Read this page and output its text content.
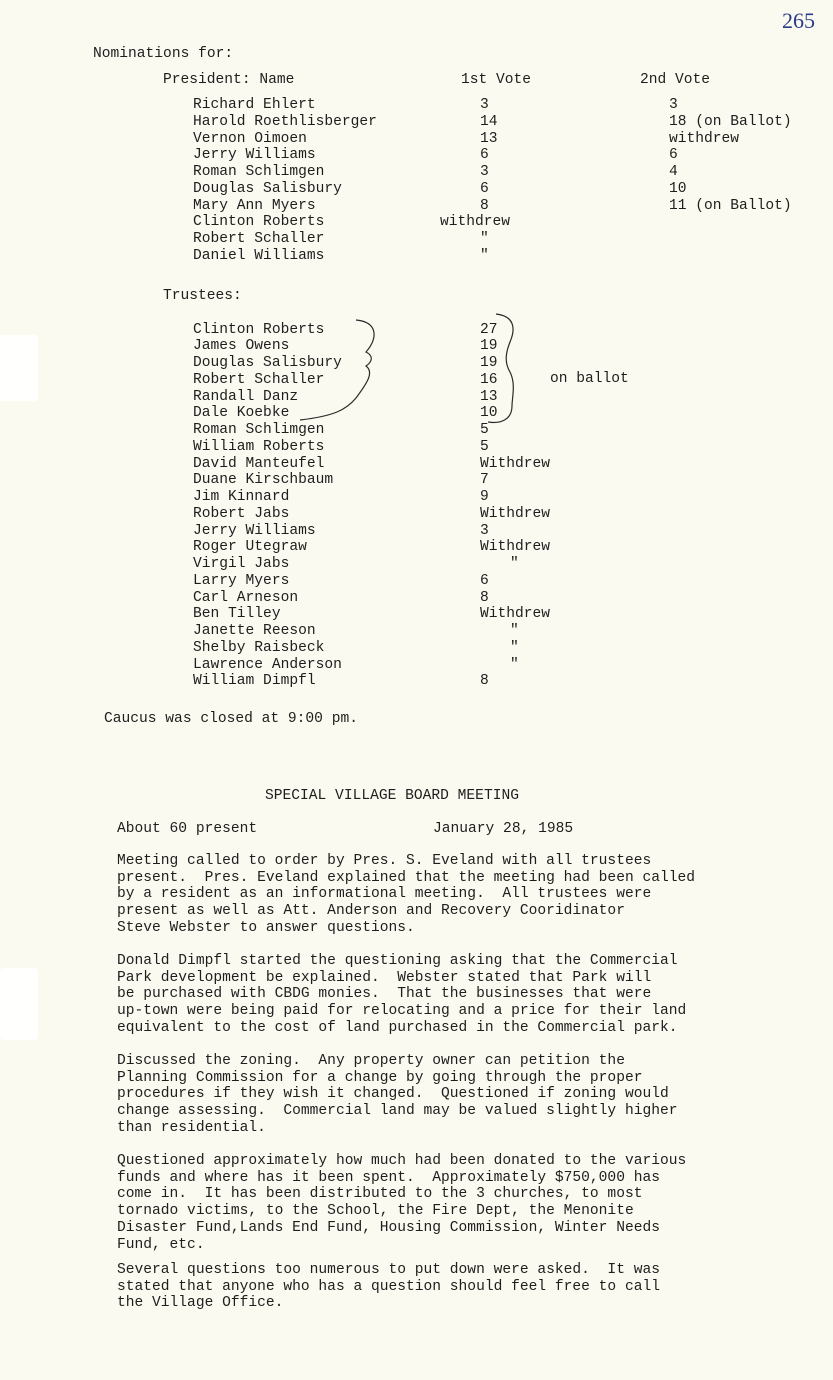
265
Nominations for:
President: Name	1st Vote	2nd Vote
Richard Ehlert	3	3
Harold Roethlisberger	14	18 (on Ballot)
Vernon Oimoen	13	withdrew
Jerry Williams	6	6
Roman Schlimgen	3	4
Douglas Salisbury	6	10
Mary Ann Myers	8	11 (on Ballot)
Clinton Roberts	withdrew
Robert Schaller	"
Daniel Williams	"
Trustees:
Clinton Roberts	27
James Owens	19
Douglas Salisbury	19
Robert Schaller	16
Randall Danz	13
Dale Koebke	10
Roman Schlimgen	5
William Roberts	5
David Manteufel	Withdrew
Duane Kirschbaum	7
Jim Kinnard	9
Robert Jabs	Withdrew
Jerry Williams	3
Roger Utegraw	Withdrew
Virgil Jabs	"
Larry Myers	6
Carl Arneson	8
Ben Tilley	Withdrew
Janette Reeson	"
Shelby Raisbeck	"
Lawrence Anderson	"
William Dimpfl	8
on ballot
Caucus was closed at 9:00 pm.
SPECIAL VILLAGE BOARD MEETING
About 60 present	January 28, 1985
Meeting called to order by Pres. S. Eveland with all trustees
present.  Pres. Eveland explained that the meeting had been called
by a resident as an informational meeting.  All trustees were
present as well as Att. Anderson and Recovery Cooridinator
Steve Webster to answer questions.
Donald Dimpfl started the questioning asking that the Commercial
Park development be explained.  Webster stated that Park will
be purchased with CBDG monies.  That the businesses that were
up-town were being paid for relocating and a price for their land
equivalent to the cost of land purchased in the Commercial park.
Discussed the zoning.  Any property owner can petition the
Planning Commission for a change by going through the proper
procedures if they wish it changed.  Questioned if zoning would
change assessing.  Commercial land may be valued slightly higher
than residential.
Questioned approximately how much had been donated to the various
funds and where has it been spent.  Approximately $750,000 has
come in.  It has been distributed to the 3 churches, to most
tornado victims, to the School, the Fire Dept, the Menonite
Disaster Fund,Lands End Fund, Housing Commission, Winter Needs
Fund, etc.
Several questions too numerous to put down were asked.  It was
stated that anyone who has a question should feel free to call
the Village Office.
